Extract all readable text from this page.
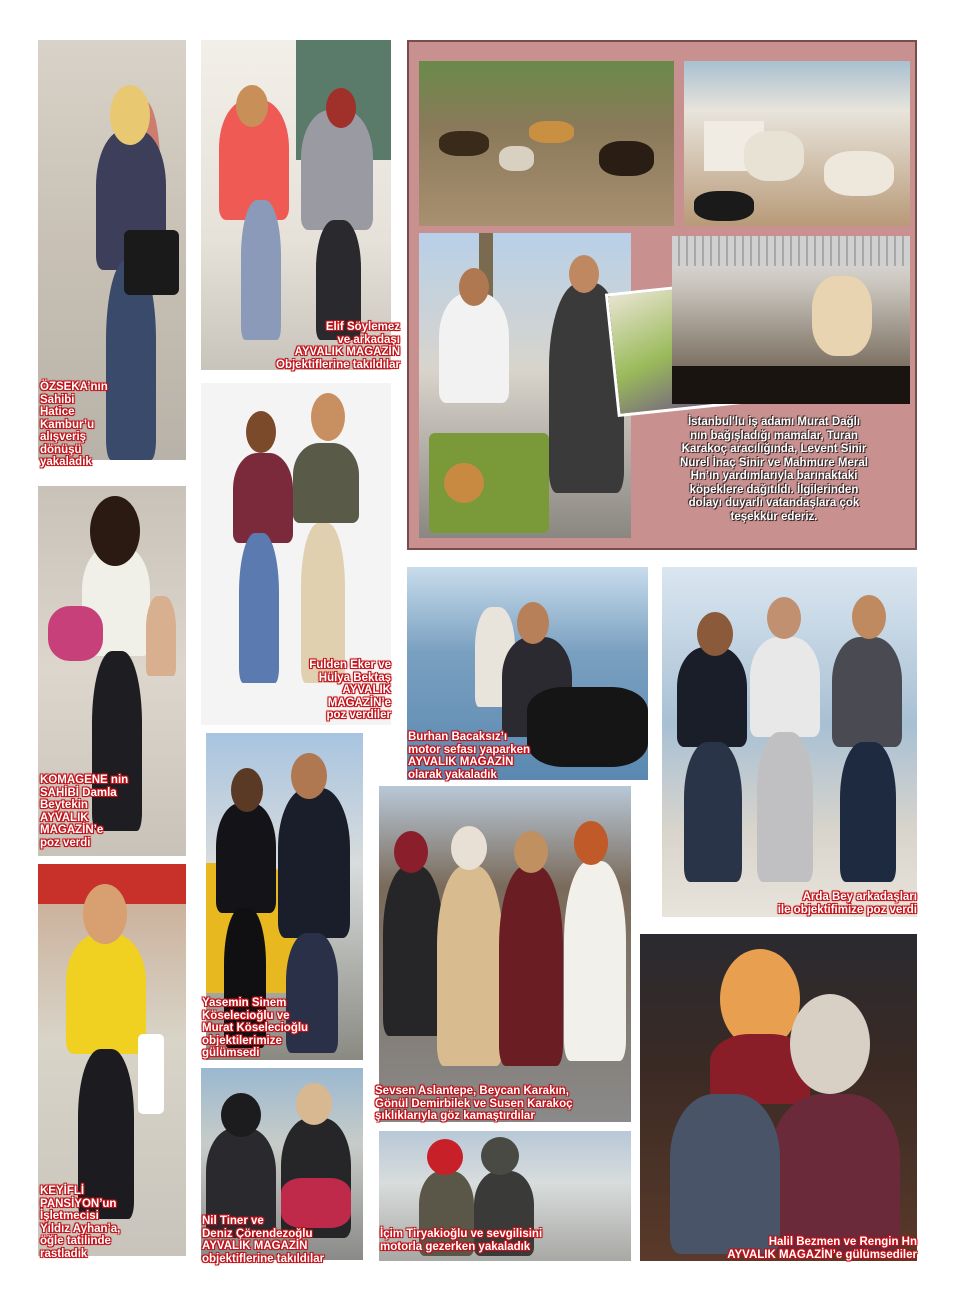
ÖZSEKA’nın
Sahibi
Hatice
Kambur’u
alışveriş
dönüşü
yakaladık
Elif Söylemez
ve arkadaşı
AYVALIK MAGAZİN
Objektiflerine takıldılar
İstanbul'lu iş adamı Murat Dağlı
nın bağışladığı mamalar, Turan
Karakoç aracılığında, Levent Sinir
Nurel İnaç Sinir ve Mahmure Meral
Hn’ın yardımlarıyla barınaktaki
köpeklere dağıtıldı. İlgilerinden
dolayı duyarlı vatandaşlara çok
teşekkür ederiz.
Fulden Eker ve
Hülya Bektaş
AYVALIK
MAGAZİN’e
poz verdiler
KOMAGENE nin
SAHİBİ Damla
Beytekin
AYVALIK
MAGAZİN’e
poz verdi
Burhan Bacaksız’ı
motor sefası yaparken
AYVALIK MAGAZİN
olarak yakaladık
Arda Bey arkadaşları
ile objektifimize poz verdi
Yasemin Sinem
Köselecioğlu ve
Murat Köselecioğlu
objektilerimize
gülümsedi
Sevsen Aslantepe, Beycan Karakın,
Gönül Demirbilek ve Susen Karakoç
şıklıklarıyla göz kamaştırdılar
KEYİFLİ
PANSİYON’un
İşletmecisi
Yıldız Ayhan’a,
öğle tatilinde
rastladık
Nil Tiner ve
Deniz Çörendezoğlu
AYVALIK MAGAZİN
objektiflerine takıldılar
İçim Tiryakioğlu ve sevgilisini
motorla gezerken yakaladık	Halil Bezmen ve Rengin Hn
AYVALIK MAGAZİN’e gülümsediler
